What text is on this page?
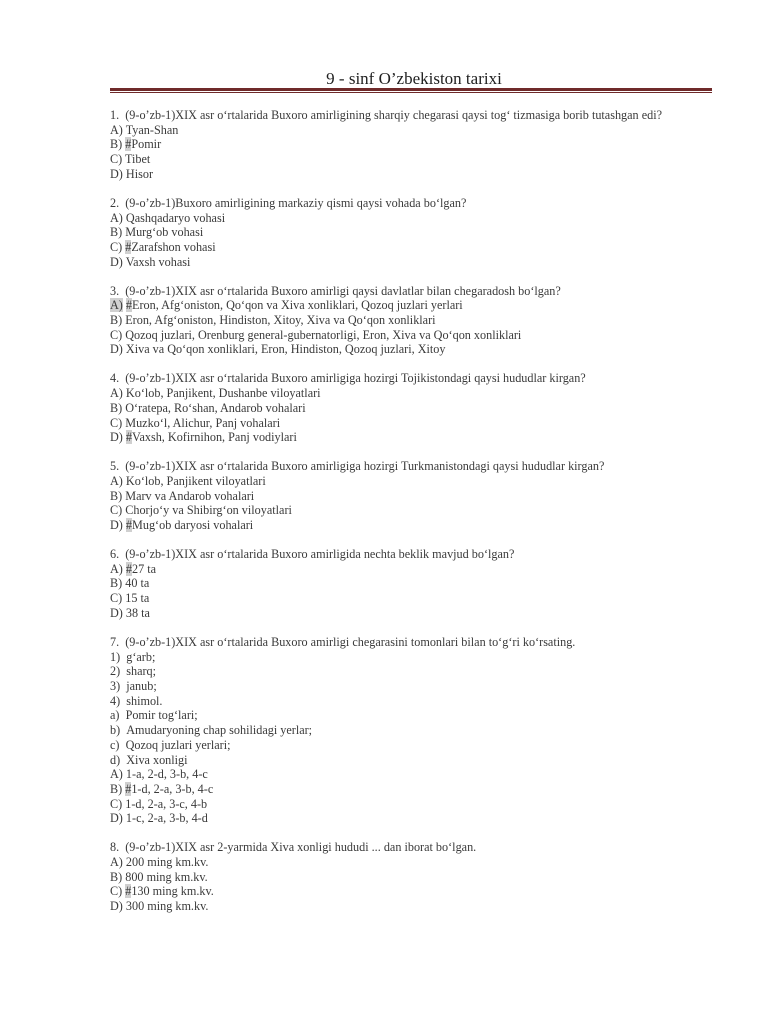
9 - sinf O’zbekiston tarixi
1. (9-o’zb-1)XIX asr o‘rtalarida Buxoro amirligining sharqiy chegarasi qaysi tog‘ tizmasiga borib tutashgan edi?
A) Tyan-Shan
B) #Pomir
C) Tibet
D) Hisor
2. (9-o’zb-1)Buxoro amirligining markaziy qismi qaysi vohada bo‘lgan?
A) Qashqadaryo vohasi
B) Murg‘ob vohasi
C) #Zarafshon vohasi
D) Vaxsh vohasi
3. (9-o’zb-1)XIX asr o‘rtalarida Buxoro amirligi qaysi davlatlar bilan chegaradosh bo‘lgan?
A) #Eron, Afg‘oniston, Qo‘qon va Xiva xonliklari, Qozoq juzlari yerlari
B) Eron, Afg‘oniston, Hindiston, Xitoy, Xiva va Qo‘qon xonliklari
C) Qozoq juzlari, Orenburg general-gubernatorligi, Eron, Xiva va Qo‘qon xonliklari
D) Xiva va Qo‘qon xonliklari, Eron, Hindiston, Qozoq juzlari, Xitoy
4. (9-o’zb-1)XIX asr o‘rtalarida Buxoro amirligiga hozirgi Tojikistondagi qaysi hududlar kirgan?
A) Ko‘lob, Panjikent, Dushanbe viloyatlari
B) O‘ratepa, Ro‘shan, Andarob vohalari
C) Muzko‘l, Alichur, Panj vohalari
D) #Vaxsh, Kofirnihon, Panj vodiylari
5. (9-o’zb-1)XIX asr o‘rtalarida Buxoro amirligiga hozirgi Turkmanistondagi qaysi hududlar kirgan?
A) Ko‘lob, Panjikent viloyatlari
B) Marv va Andarob vohalari
C) Chorjo‘y va Shibirg‘on viloyatlari
D) #Mug‘ob daryosi vohalari
6. (9-o’zb-1)XIX asr o‘rtalarida Buxoro amirligida nechta beklik mavjud bo‘lgan?
A) #27 ta
B) 40 ta
C) 15 ta
D) 38 ta
7. (9-o’zb-1)XIX asr o‘rtalarida Buxoro amirligi chegarasini tomonlari bilan to‘g‘ri ko‘rsating.
1) g‘arb;
2) sharq;
3) janub;
4) shimol.
a) Pomir tog‘lari;
b) Amudaryoning chap sohilidagi yerlar;
c) Qozoq juzlari yerlari;
d) Xiva xonligi
A) 1-a, 2-d, 3-b, 4-c
B) #1-d, 2-a, 3-b, 4-c
C) 1-d, 2-a, 3-c, 4-b
D) 1-c, 2-a, 3-b, 4-d
8. (9-o’zb-1)XIX asr 2-yarmida Xiva xonligi hududi ... dan iborat bo‘lgan.
A) 200 ming km.kv.
B) 800 ming km.kv.
C) #130 ming km.kv.
D) 300 ming km.kv.
